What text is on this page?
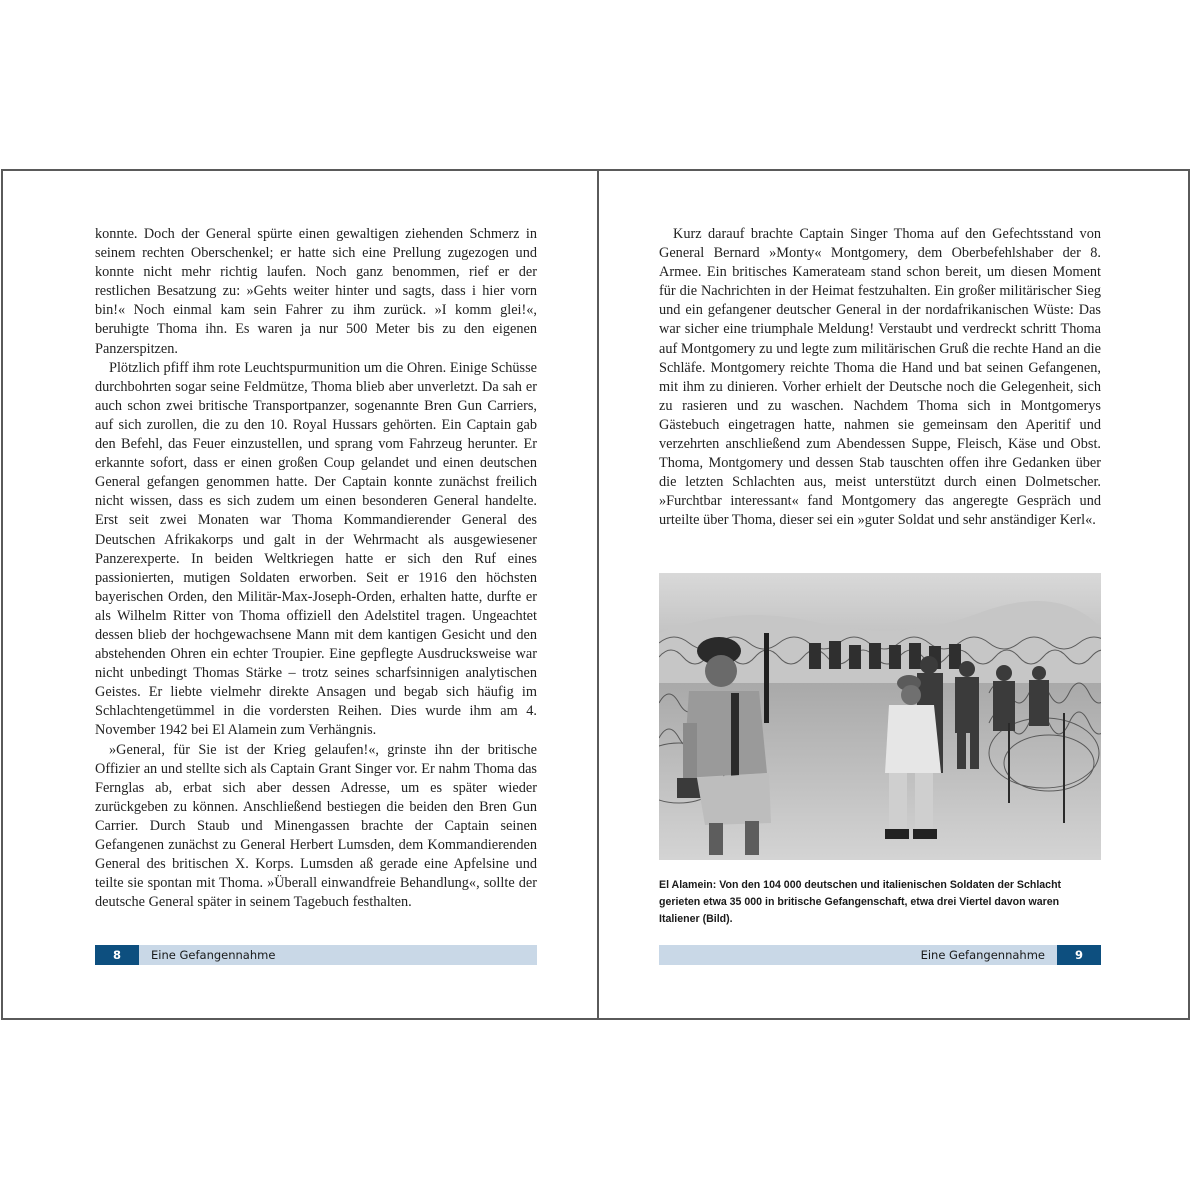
konnte. Doch der General spürte einen gewaltigen ziehenden Schmerz in seinem rechten Oberschenkel; er hatte sich eine Prellung zugezogen und konnte nicht mehr richtig laufen. Noch ganz benommen, rief er der restlichen Besatzung zu: »Gehts weiter hinter und sagts, dass i hier vorn bin!« Noch einmal kam sein Fahrer zu ihm zurück. »I komm glei!«, beruhigte Thoma ihn. Es waren ja nur 500 Meter bis zu den eigenen Panzerspitzen.

Plötzlich pfiff ihm rote Leuchtspurmunition um die Ohren. Einige Schüsse durchbohrten sogar seine Feldmütze, Thoma blieb aber unverletzt. Da sah er auch schon zwei britische Transportpanzer, sogenannte Bren Gun Carriers, auf sich zurollen, die zu den 10. Royal Hussars gehörten. Ein Captain gab den Befehl, das Feuer einzustellen, und sprang vom Fahrzeug herunter. Er erkannte sofort, dass er einen großen Coup gelandet und einen deutschen General gefangen genommen hatte. Der Captain konnte zunächst freilich nicht wissen, dass es sich zudem um einen besonderen General handelte. Erst seit zwei Monaten war Thoma Kommandierender General des Deutschen Afrikakorps und galt in der Wehrmacht als ausgewiesener Panzerexperte. In beiden Weltkriegen hatte er sich den Ruf eines passionierten, mutigen Soldaten erworben. Seit er 1916 den höchsten bayerischen Orden, den Militär-Max-Joseph-Orden, erhalten hatte, durfte er als Wilhelm Ritter von Thoma offiziell den Adelstitel tragen. Ungeachtet dessen blieb der hochgewachsene Mann mit dem kantigen Gesicht und den abstehenden Ohren ein echter Troupier. Eine gepflegte Ausdrucksweise war nicht unbedingt Thomas Stärke – trotz seines scharfsinnigen analytischen Geistes. Er liebte vielmehr direkte Ansagen und begab sich häufig im Schlachtengetümmel in die vordersten Reihen. Dies wurde ihm am 4. November 1942 bei El Alamein zum Verhängnis.

»General, für Sie ist der Krieg gelaufen!«, grinste ihn der britische Offizier an und stellte sich als Captain Grant Singer vor. Er nahm Thoma das Fernglas ab, erbat sich aber dessen Adresse, um es später wieder zurückgeben zu können. Anschließend bestiegen die beiden den Bren Gun Carrier. Durch Staub und Minengassen brachte der Captain seinen Gefangenen zunächst zu General Herbert Lumsden, dem Kommandierenden General des britischen X. Korps. Lumsden aß gerade eine Apfelsine und teilte sie spontan mit Thoma. »Überall einwandfreie Behandlung«, sollte der deutsche General später in seinem Tagebuch festhalten.

8	Eine Gefangennahme

Kurz darauf brachte Captain Singer Thoma auf den Gefechtsstand von General Bernard »Monty« Montgomery, dem Oberbefehlshaber der 8. Armee. Ein britisches Kamerateam stand schon bereit, um diesen Moment für die Nachrichten in der Heimat festzuhalten. Ein großer militärischer Sieg und ein gefangener deutscher General in der nordafrikanischen Wüste: Das war sicher eine triumphale Meldung! Verstaubt und verdreckt schritt Thoma auf Montgomery zu und legte zum militärischen Gruß die rechte Hand an die Schläfe. Montgomery reichte Thoma die Hand und bat seinen Gefangenen, mit ihm zu dinieren. Vorher erhielt der Deutsche noch die Gelegenheit, sich zu rasieren und zu waschen. Nachdem Thoma sich in Montgomerys Gästebuch eingetragen hatte, nahmen sie gemeinsam den Aperitif und verzehrten anschließend zum Abendessen Suppe, Fleisch, Käse und Obst. Thoma, Montgomery und dessen Stab tauschten offen ihre Gedanken über die letzten Schlachten aus, meist unterstützt durch einen Dolmetscher. »Furchtbar interessant« fand Montgomery das angeregte Gespräch und urteilte über Thoma, dieser sei ein »guter Soldat und sehr anständiger Kerl«.

El Alamein: Von den 104 000 deutschen und italienischen Soldaten der Schlacht gerieten etwa 35 000 in britische Gefangenschaft, etwa drei Viertel davon waren Italiener (Bild).
Eine Gefangennahme	9
